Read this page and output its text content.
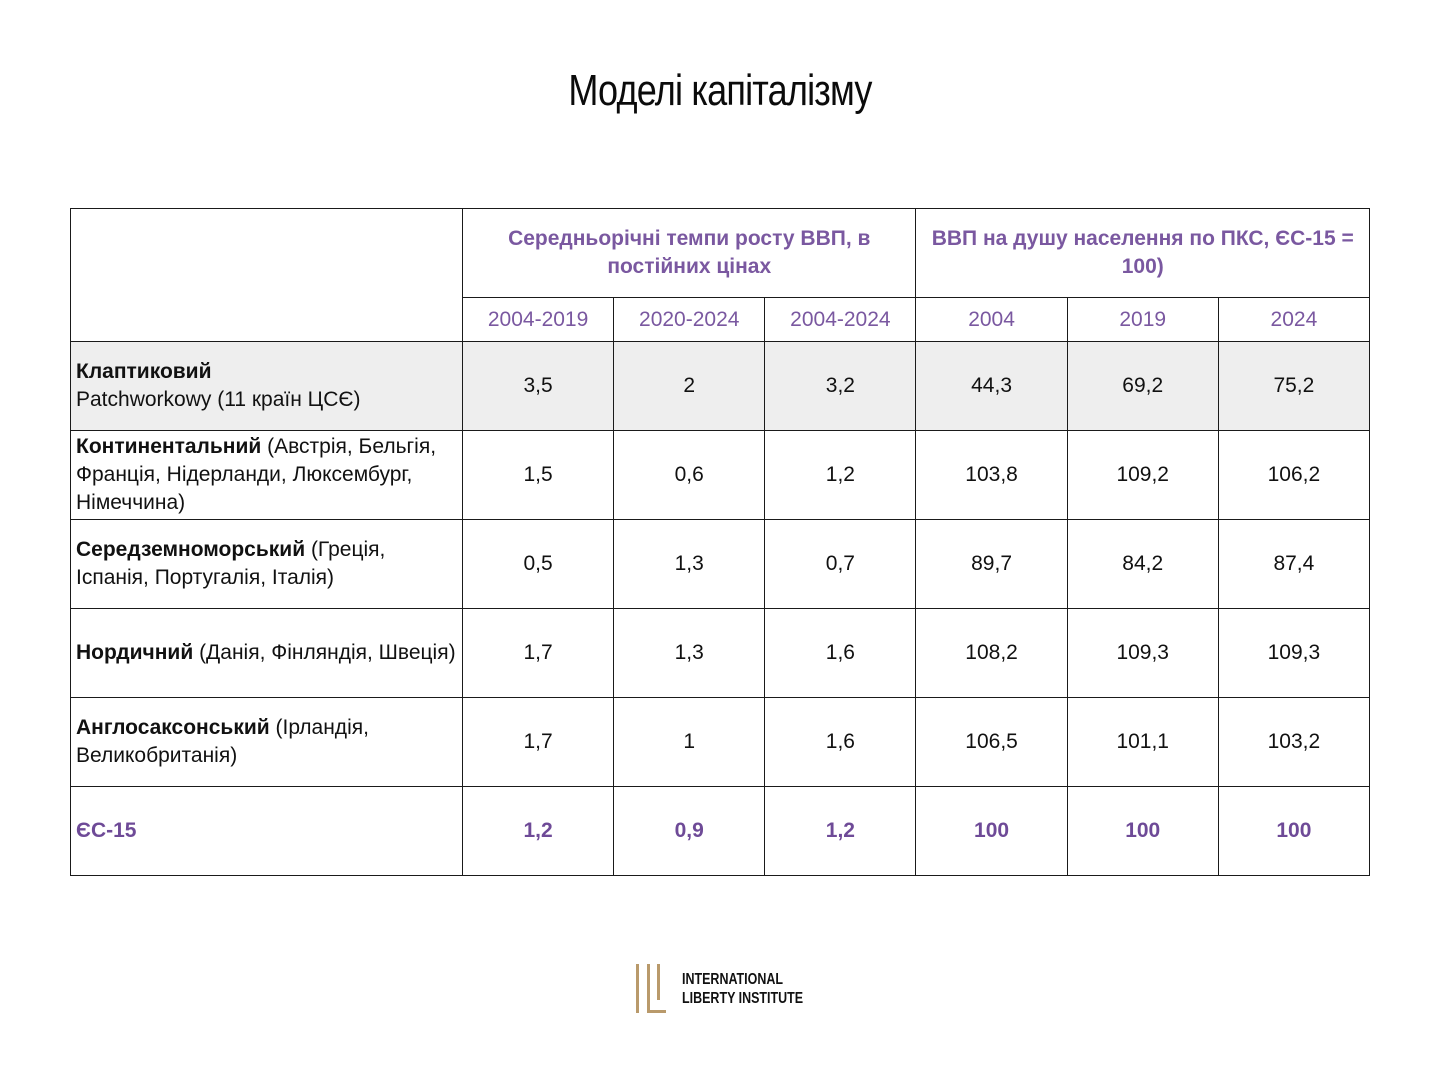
Моделі капіталізму
	Середньорічні темпи росту ВВП, в постійних цінах			ВВП на душу населення по ПКС, ЄС-15 = 100)		
	2004-2019	2020-2024	2004-2024	2004	2019	2024
Клаптиковий
Patchworkowy (11 країн ЦСЄ)	3,5	2	3,2	44,3	69,2	75,2
Континентальний (Австрія, Бельгія, Франція, Нідерланди, Люксембург, Німеччина)	1,5	0,6	1,2	103,8	109,2	106,2
Середземноморський (Греція, Іспанія, Португалія, Італія)	0,5	1,3	0,7	89,7	84,2	87,4
Нордичний (Данія, Фінляндія, Швеція)	1,7	1,3	1,6	108,2	109,3	109,3
Англосаксонський (Ірландія, Великобританія)	1,7	1	1,6	106,5	101,1	103,2
ЄС-15	1,2	0,9	1,2	100	100	100
INTERNATIONAL
LIBERTY INSTITUTE
